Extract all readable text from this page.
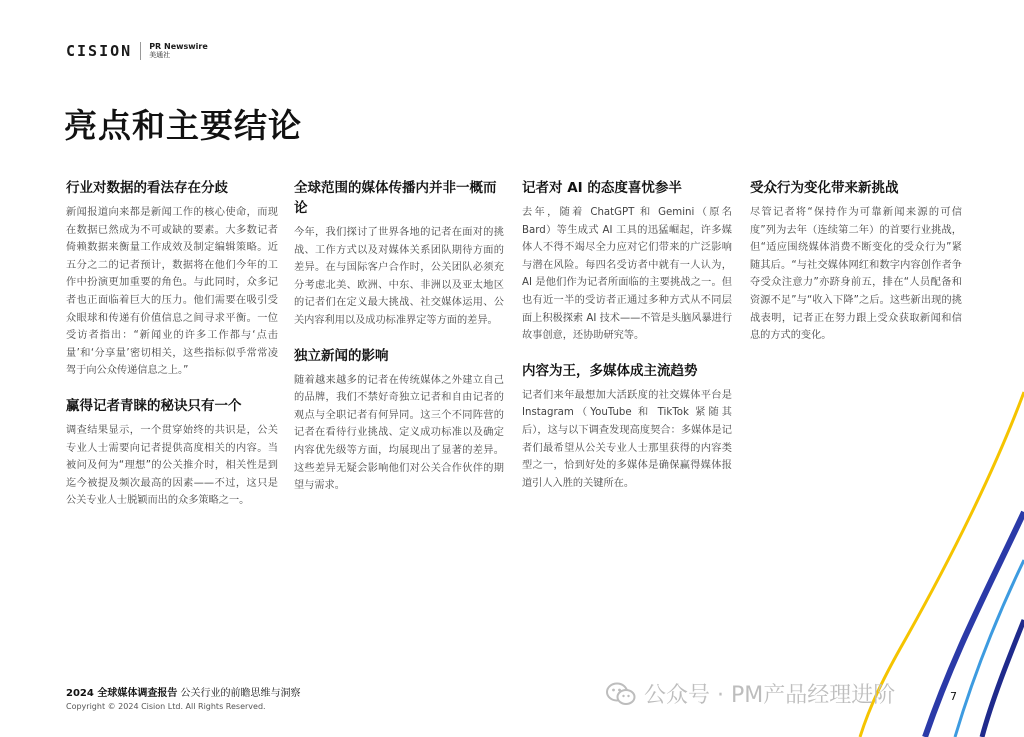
CISION PR Newswire
美通社
亮点和主要结论
行业对数据的看法存在分歧

新闻报道向来都是新闻工作的核心使命，而现在数据已然成为不可或缺的要素。大多数记者倚赖数据来衡量工作成效及制定编辑策略。近五分之二的记者预计，数据将在他们今年的工作中扮演更加重要的角色。与此同时，众多记者也正面临着巨大的压力。他们需要在吸引受众眼球和传递有价值信息之间寻求平衡。一位受访者指出：“新闻业的许多工作都与‘点击量’和‘分享量’密切相关，这些指标似乎常常凌驾于向公众传递信息之上。”

赢得记者青睐的秘诀只有一个

调查结果显示，一个贯穿始终的共识是，公关专业人士需要向记者提供高度相关的内容。当被问及何为“理想”的公关推介时，相关性是到迄今被提及频次最高的因素——不过，这只是公关专业人士脱颖而出的众多策略之一。

全球范围的媒体传播内并非一概而论

今年，我们探讨了世界各地的记者在面对的挑战、工作方式以及对媒体关系团队期待方面的差异。在与国际客户合作时，公关团队必须充分考虑北美、欧洲、中东、非洲以及亚太地区的记者们在定义最大挑战、社交媒体运用、公关内容利用以及成功标准界定等方面的差异。

独立新闻的影响

随着越来越多的记者在传统媒体之外建立自己的品牌，我们不禁好奇独立记者和自由记者的观点与全职记者有何异同。这三个不同阵营的记者在看待行业挑战、定义成功标准以及确定内容优先级等方面，均展现出了显著的差异。这些差异无疑会影响他们对公关合作伙伴的期望与需求。

记者对 AI 的态度喜忧参半

去年，随着 ChatGPT 和 Gemini（原名 Bard）等生成式 AI 工具的迅猛崛起，许多媒体人不得不竭尽全力应对它们带来的广泛影响与潜在风险。每四名受访者中就有一人认为，AI 是他们作为记者所面临的主要挑战之一。但也有近一半的受访者正通过多种方式从不同层面上积极探索 AI 技术——不管是头脑风暴进行故事创意，还协助研究等。

内容为王，多媒体成主流趋势

记者们来年最想加大活跃度的社交媒体平台是 Instagram（YouTube 和 TikTok 紧随其后），这与以下调查发现高度契合：多媒体是记者们最希望从公关专业人士那里获得的内容类型之一，恰到好处的多媒体是确保赢得媒体报道引人入胜的关键所在。

受众行为变化带来新挑战

尽管记者将“保持作为可靠新闻来源的可信度”列为去年（连续第二年）的首要行业挑战，但“适应围绕媒体消费不断变化的受众行为”紧随其后。“与社交媒体网红和数字内容创作者争夺受众注意力”亦跻身前五，排在“人员配备和资源不足”与“收入下降”之后。这些新出现的挑战表明，记者正在努力跟上受众获取新闻和信息的方式的变化。

2024 全球媒体调查报告 公关行业的前瞻思维与洞察
Copyright © 2024 Cision Ltd. All Rights Reserved.	公众号 · PM产品经理进阶	7
